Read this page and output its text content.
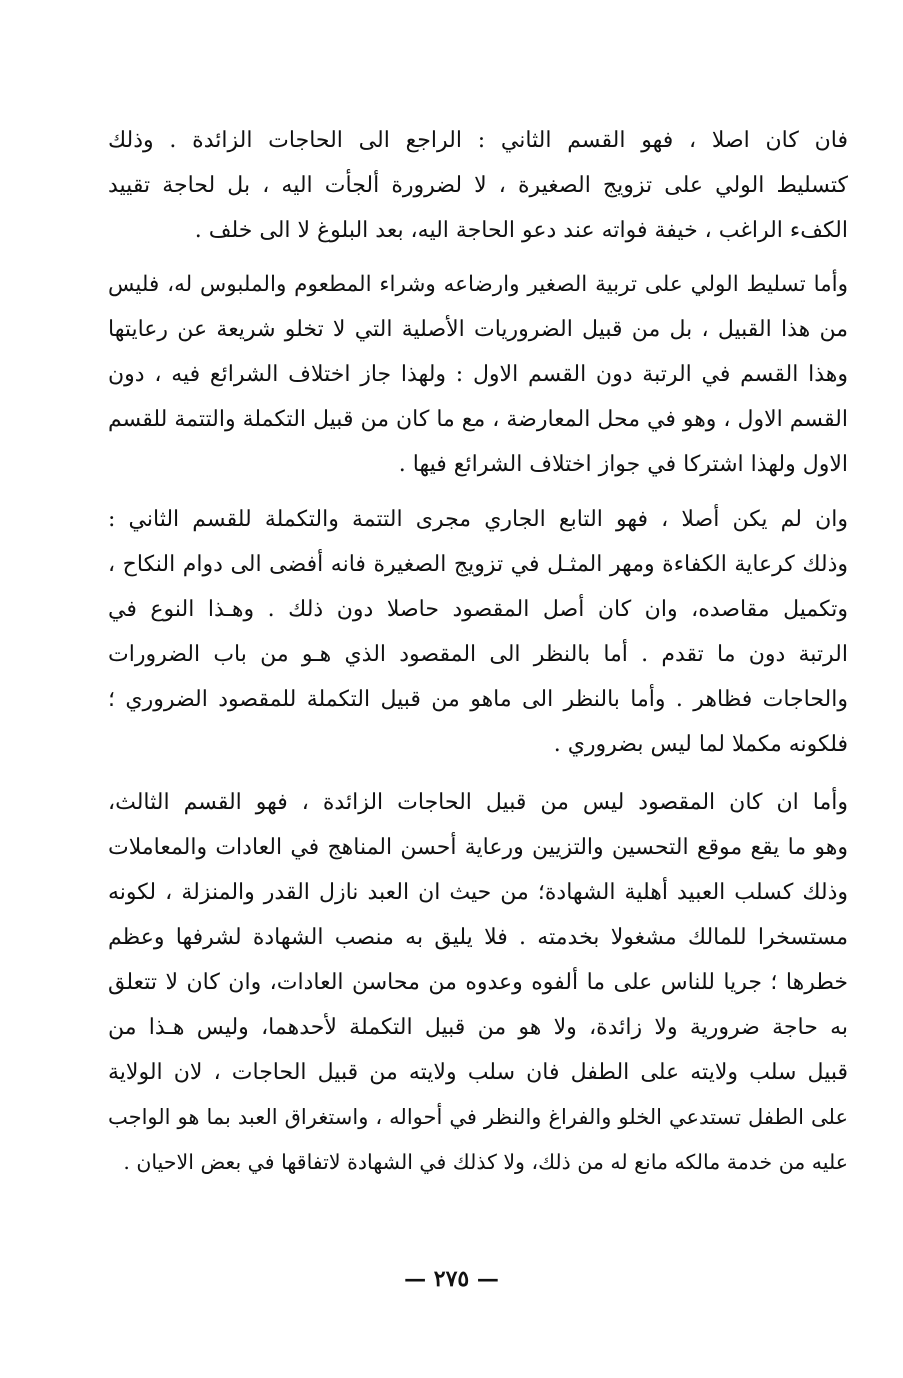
فان كان اصلا ، فهو القسم الثاني : الراجع الى الحاجات الزائدة . وذلك
كتسليط الولي على تزويج الصغيرة ، لا لضرورة ألجأت اليه ، بل لحاجة تقييد
الكفء الراغب ، خيفة فواته عند دعو الحاجة اليه، بعد البلوغ لا الى خلف .
وأما تسليط الولي على تربية الصغير وارضاعه وشراء المطعوم والملبوس له، فليس
من هذا القبيل ، بل من قبيل الضروريات الأصلية التي لا تخلو شريعة عن رعايتها
وهذا القسم في الرتبة دون القسم الاول : ولهذا جاز اختلاف الشرائع فيه ، دون
القسم الاول ، وهو في محل المعارضة ، مع ما كان من قبيل التكملة والتتمة للقسم
الاول ولهذا اشتركا في جواز اختلاف الشرائع فيها .
وان لم يكن أصلا ، فهو التابع الجاري مجرى التتمة والتكملة للقسم الثاني :
وذلك كرعاية الكفاءة ومهر المثـل في تزويج الصغيرة فانه أفضى الى دوام النكاح ،
وتكميل مقاصده، وان كان أصل المقصود حاصلا دون ذلك . وهـذا النوع في
الرتبة دون ما تقدم . أما بالنظر الى المقصود الذي هـو من باب الضرورات
والحاجات فظاهر . وأما بالنظر الى ماهو من قبيل التكملة للمقصود الضروري ؛
فلكونه مكملا لما ليس بضروري .
وأما ان كان المقصود ليس من قبيل الحاجات الزائدة ، فهو القسم الثالث،
وهو ما يقع موقع التحسين والتزيين ورعاية أحسن المناهج في العادات والمعاملات
وذلك كسلب العبيد أهلية الشهادة؛ من حيث ان العبد نازل القدر والمنزلة ، لكونه
مستسخرا للمالك مشغولا بخدمته . فلا يليق به منصب الشهادة لشرفها وعظم
خطرها ؛ جريا للناس على ما ألفوه وعدوه من محاسن العادات، وان كان لا تتعلق
به حاجة ضرورية ولا زائدة، ولا هو من قبيل التكملة لأحدهما، وليس هـذا من
قبيل سلب ولايته على الطفل فان سلب ولايته من قبيل الحاجات ، لان الولاية
على الطفل تستدعي الخلو والفراغ والنظر في أحواله ، واستغراق العبد بما هو الواجب
عليه من خدمة مالكه مانع له من ذلك، ولا كذلك في الشهادة لاتفاقها في بعض الاحيان .
— ٢٧٥ —
